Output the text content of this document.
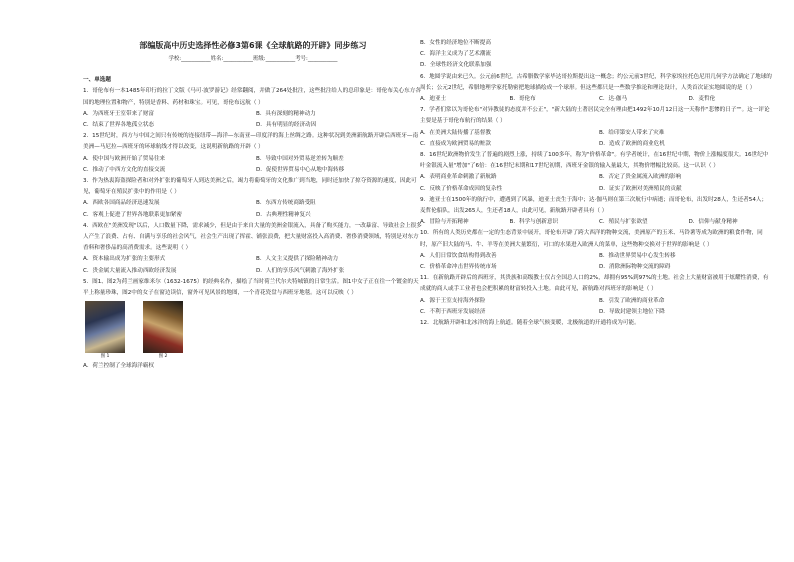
部编版高中历史选择性必修3第6课《全球航路的开辟》同步练习
学校:___________姓名:___________班级:___________考号:___________
一、单选题
1．哥伦布有一本1485年印行的拉丁文版《马可·波罗游记》经常翻阅，并做了264处批注，这些批注给人的总印象是：哥伦布关心东方各国的地理位置和物产，特别是香料、药材和珠宝。可见，哥伦布远航（ ）
A．为西班牙王室带来了财富	B．具有深刻的精神动力
C．结束了世界各地孤立状态	D．具有明显的经济动因
2．15世纪时，西方与中国之间只有传统的连接纽带—海洋—东南亚—印度洋的海上丝绸之路。这种状况到美洲新航路开辟后西班牙—南美洲—马尼拉—西班牙的环球航线才得以改变，这说明新航路的开辟（ ）
A．使中国与欧洲开始了贸易往来	B．导致中国对外贸易逆差转为顺差
C．推动了中西方文化的直接交流	D．促使世界贸易中心从地中海转移
3．作为热衷海盗探险者和对外扩张的葡萄牙人到达美洲之后，竭力将葡萄牙的文化推广到当地，同时还加快了掠夺资源的速度，因此可见，葡萄牙在殖民扩张中的作用是（ ）
A．西欧各国商品经济迅速发展	B．东西方传统商路受阻
C．客观上促进了世界各地联系更加紧密	D．古典理性精神复兴
4．西欧在"美洲发现"以后，人口数量下降，需求减少，但是由于来自大量的美洲金银流入，具备了购买能力，一改暴富、导致社会上很多人产生了浪费、占有、自满与享乐的社会风气，社会生产出现了挥霍、铺张浪费，把大量财富投入高消费、奢侈消费领域，特别是对东方香料和奢侈品的高消费需求。这些说明（ ）
A．资本输出成为扩张的主要形式	B．人文主义提供了探险精神动力
C．贵金属大量流入推动西欧经济发展	D．人们的享乐风气刺激了海外扩张
5．图1、图2为荷兰画家维米尔（1632-1675）的经典名作，描绘了当时荷兰代尔夫特城镇的日常生活。图1中女子正在往一个镀金的天平上称量珍珠，图2中的女子在窗边读信，窗外可见风景的地图，一个青花瓷盘与西班牙地毯。这可以反映（ ）
图 1	图 2
A．荷兰控制了全球海洋霸权
B．女性的经济地位不断提高
C．海洋主义成为了艺术潮流
D．全球性经济文化联系加强
6．地圆学说由来已久。公元前6世纪，古希腊数学家毕达哥拉斯提出这一概念；约公元前3世纪，科学家埃拉托色尼用几何学方法确定了地球的周长；公元2世纪，希腊地理学家托勒密把地球描绘成一个球形。但这些都只是一些数学推论和理论设计，人类首次证实地圆说的是（ ）
A．迪亚士	B．哥伦布	C．达·伽马	D．麦哲伦
7．学者们常以为哥伦布"对异教徒的态度并不公正"，"新大陆的土著居民完全有理由把1492年10月12日这一天称作"悲惨的日子""。这一评论主要是基于哥伦布航行的结果（ ）
A．在美洲大陆传播了基督教	B．给印第安人带来了灾难
C．直接成为欧洲贸易的赃款	D．造成了欧洲的商业危机
8．16世纪欧洲物价发生了普遍的剧烈上涨，持续了100多年，称为"价格革命"。有学者统计，在16世纪中期，物价上涨幅度很大。16世纪中叶金银流入量"增加"了6倍：在16世纪末期和17世纪初期，西班牙金银的输入量最大，其物价增幅比较高。这一认识（ ）
A．表明商业革命刺激了新航路	B．否定了贵金属流入欧洲的影响
C．反映了价格革命成因的复杂性	D．证实了欧洲对美洲殖民的贡献
9．迪亚士在1500年的航行中，遭遇到了风暴，迪亚士丧生于海中；达·伽马则在第三次航行中病逝；而哥伦布，出发时28人，生还者54人；麦哲伦船队，出发265人，生还者18人，由此可见，新航路开辟者具有（ ）
A．冒险与开拓精神	B．科学与创新意识	C．殖民与扩张欲望	D．信仰与献身精神
10．所有的人类历史都在一定的生态背景中展开，哥伦布开辟了跨大西洋的物种交流，美洲原产的玉米、马铃薯等成为欧洲的粮食作物，同时，原产旧大陆的马、牛、羊等在美洲大量繁衍，可口的水果进入欧洲人的菜单，这些物种交换对于世界的影响是（ ）
A．人们日常饮食结构得到改善	B．推动世界贸易中心发生转移
C．价格革命冲击世界传统市场	D．消除洲际物种交流的障碍
11．在新航路开辟后的西班牙，其贵族和高级教士仅占全国总人口的2%，却拥有95%到97%的土地。社会上大量财富被用于炫耀性消费，有成就的商人或手工业者也会把积累的财富转投入土地。由此可见，新航路对西班牙的影响是（ ）
A．源于王室支持海外探险	B．引发了欧洲的商业革命
C．不利于西班牙发展经济	D．导致封建领主地位下降
12．北航路开辟和北冰洋的海上航道。随着全球气候变暖，北极航道的开通将成为可能。
